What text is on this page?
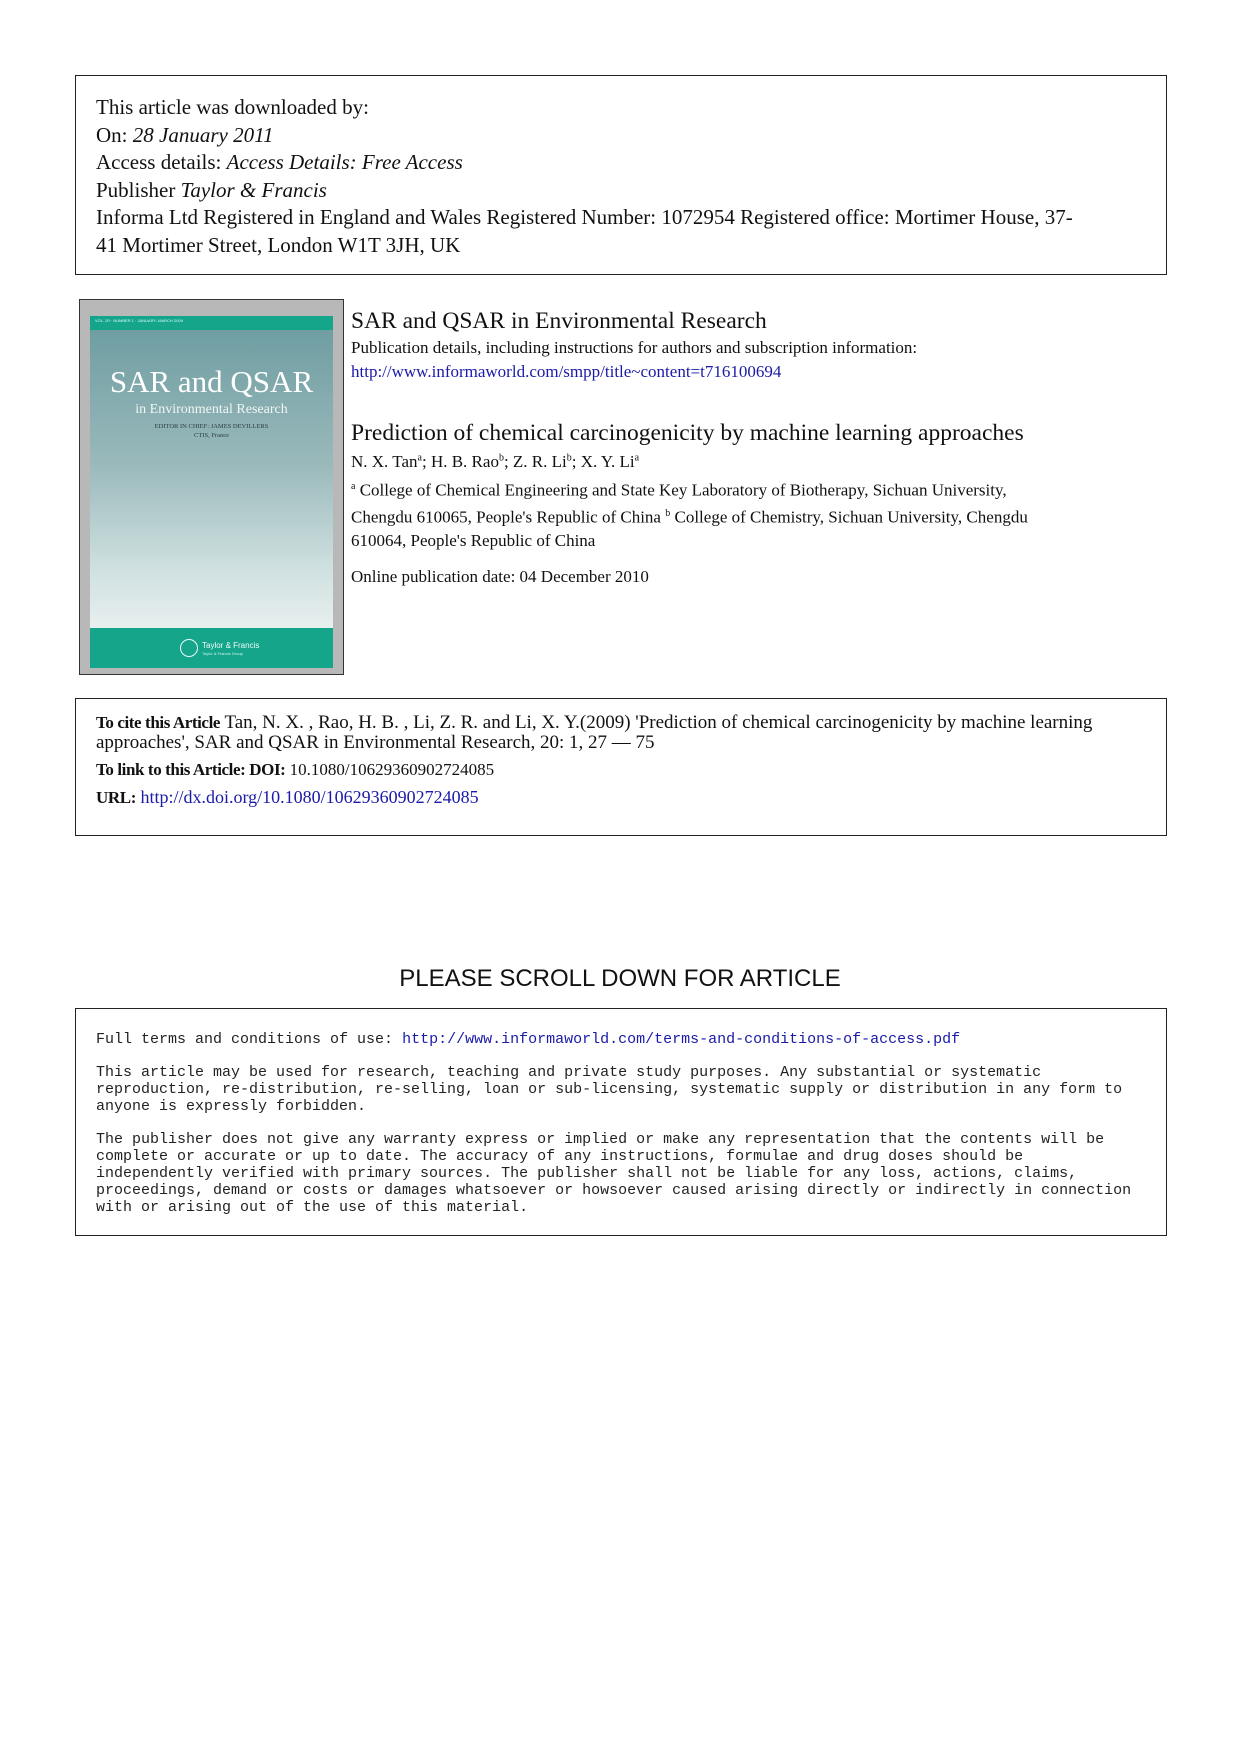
This article was downloaded by:
On: 28 January 2011
Access details: Access Details: Free Access
Publisher Taylor & Francis
Informa Ltd Registered in England and Wales Registered Number: 1072954 Registered office: Mortimer House, 37-
41 Mortimer Street, London W1T 3JH, UK
VOL. 20 · NUMBER 1 · JANUARY–MARCH 2009
SAR and QSAR
in Environmental Research
EDITOR IN CHIEF: JAMES DEVILLERS
CTIS, France
Taylor & Francis
Taylor & Francis Group
SAR and QSAR in Environmental Research
Publication details, including instructions for authors and subscription information:
http://www.informaworld.com/smpp/title~content=t716100694
Prediction of chemical carcinogenicity by machine learning approaches
N. X. Tan$^a$; H. B. Rao$^b$; Z. R. Li$^b$; X. Y. Li$^a$
$^a$ College of Chemical Engineering and State Key Laboratory of Biotherapy, Sichuan University,
Chengdu 610065, People's Republic of China $^b$ College of Chemistry, Sichuan University, Chengdu
610064, People's Republic of China
Online publication date: 04 December 2010
To cite this Article Tan, N. X. , Rao, H. B. , Li, Z. R. and Li, X. Y.(2009) 'Prediction of chemical carcinogenicity by machine learning approaches', SAR and QSAR in Environmental Research, 20: 1, 27 — 75
To link to this Article: DOI: 10.1080/10629360902724085
URL: http://dx.doi.org/10.1080/10629360902724085
PLEASE SCROLL DOWN FOR ARTICLE

Full terms and conditions of use: http://www.informaworld.com/terms-and-conditions-of-access.pdf

This article may be used for research, teaching and private study purposes. Any substantial or systematic reproduction, re-distribution, re-selling, loan or sub-licensing, systematic supply or distribution in any form to anyone is expressly forbidden.

The publisher does not give any warranty express or implied or make any representation that the contents will be complete or accurate or up to date. The accuracy of any instructions, formulae and drug doses should be independently verified with primary sources. The publisher shall not be liable for any loss, actions, claims, proceedings, demand or costs or damages whatsoever or howsoever caused arising directly or indirectly in connection with or arising out of the use of this material.
